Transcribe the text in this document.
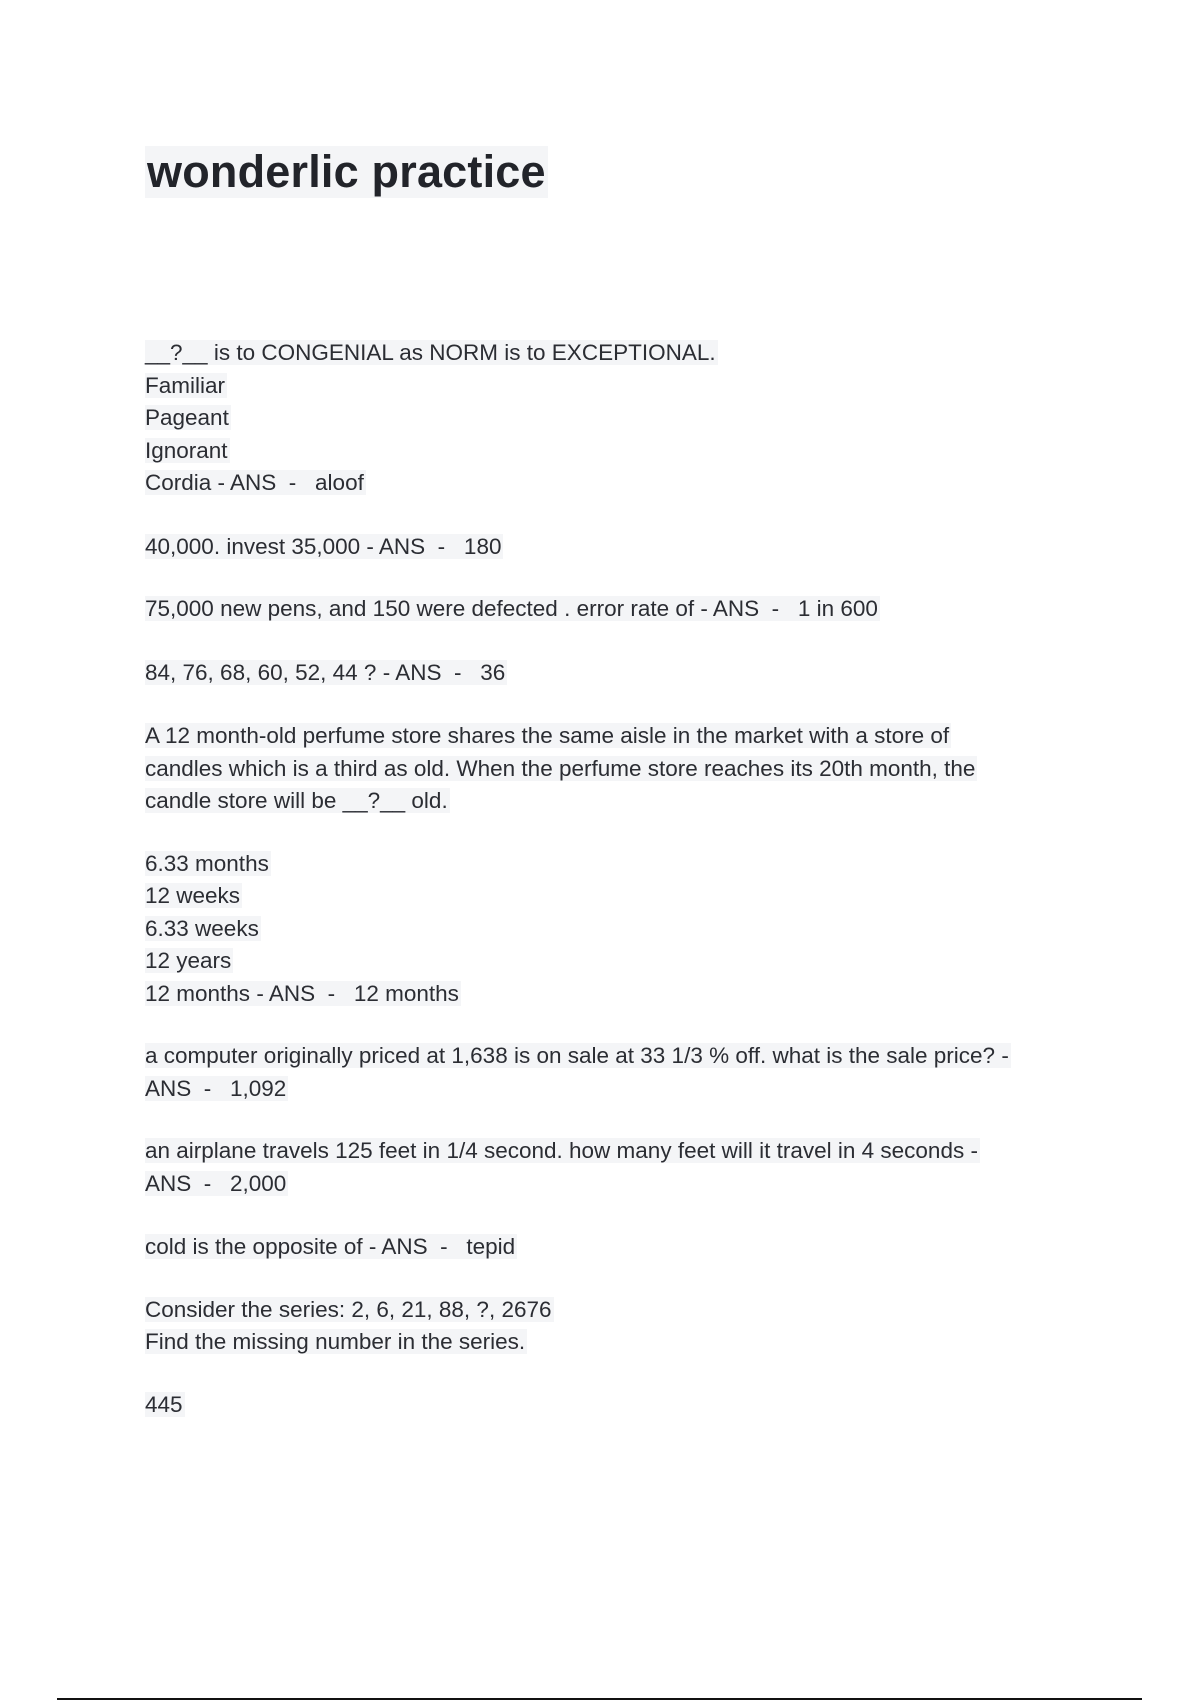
wonderlic practice
__?__ is to CONGENIAL as NORM is to EXCEPTIONAL.
Familiar
Pageant
Ignorant
Cordia - ANS  -   aloof
40,000. invest 35,000 - ANS  -   180
75,000 new pens, and 150 were defected . error rate of - ANS  -   1 in 600
84, 76, 68, 60, 52, 44 ? - ANS  -   36
A 12 month-old perfume store shares the same aisle in the market with a store of
candles which is a third as old. When the perfume store reaches its 20th month, the
candle store will be __?__ old.
6.33 months
12 weeks
6.33 weeks
12 years
12 months - ANS  -   12 months
a computer originally priced at 1,638 is on sale at 33 1/3 % off. what is the sale price? -
ANS  -   1,092
an airplane travels 125 feet in 1/4 second. how many feet will it travel in 4 seconds -
ANS  -   2,000
cold is the opposite of - ANS  -   tepid
Consider the series: 2, 6, 21, 88, ?, 2676
Find the missing number in the series.
445
